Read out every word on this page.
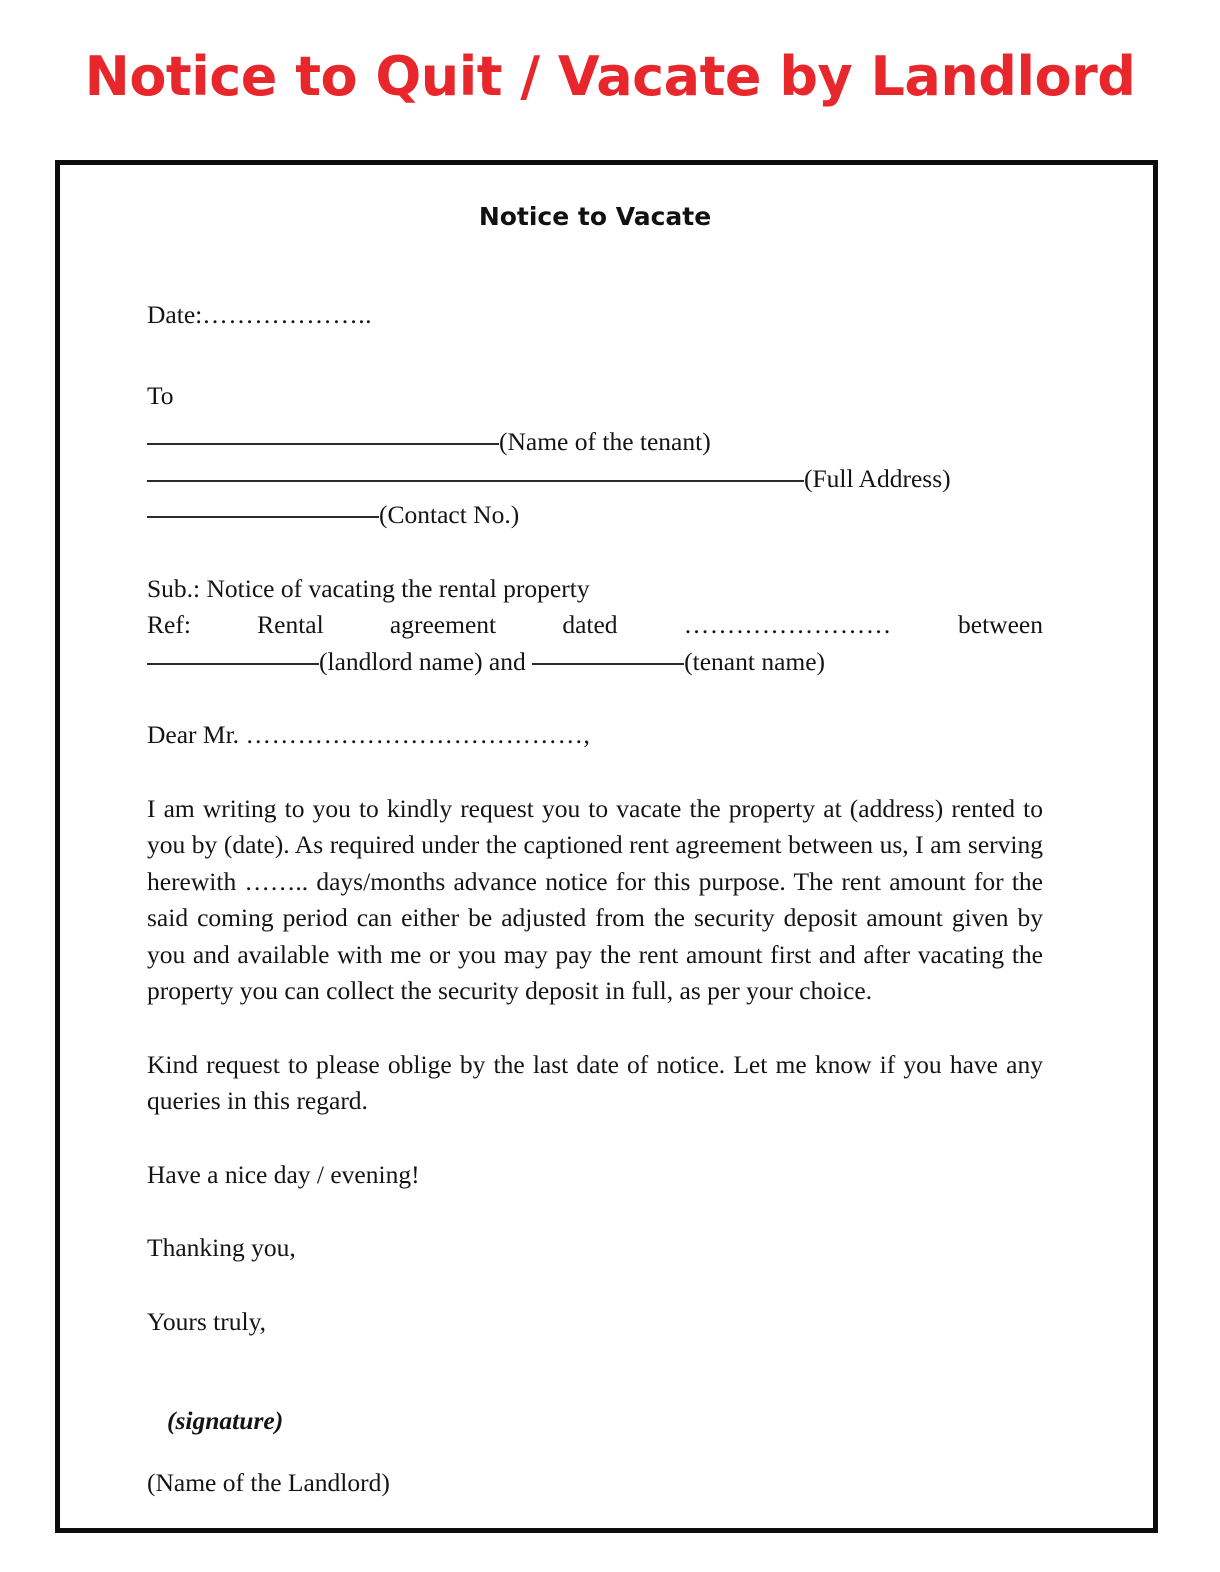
Notice to Quit / Vacate by Landlord
Notice to Vacate

Date:………………..

To

(Name of the tenant)

(Full Address)

(Contact No.)

Sub.: Notice of vacating the rental property

Ref:	Rental	agreement	dated	……………………	between

(landlord name) and	(tenant name)

Dear Mr. …………………………………,

I am writing to you to kindly request you to vacate the property at (address) rented to you by (date). As required under the captioned rent agreement between us, I am serving herewith …….. days/months advance notice for this purpose. The rent amount for the said coming period can either be adjusted from the security deposit amount given by you and available with me or you may pay the rent amount first and after vacating the property you can collect the security deposit in full, as per your choice.

Kind request to please oblige by the last date of notice. Let me know if you have any queries in this regard.

Have a nice day / evening!

Thanking you,

Yours truly,

(signature)

(Name of the Landlord)
